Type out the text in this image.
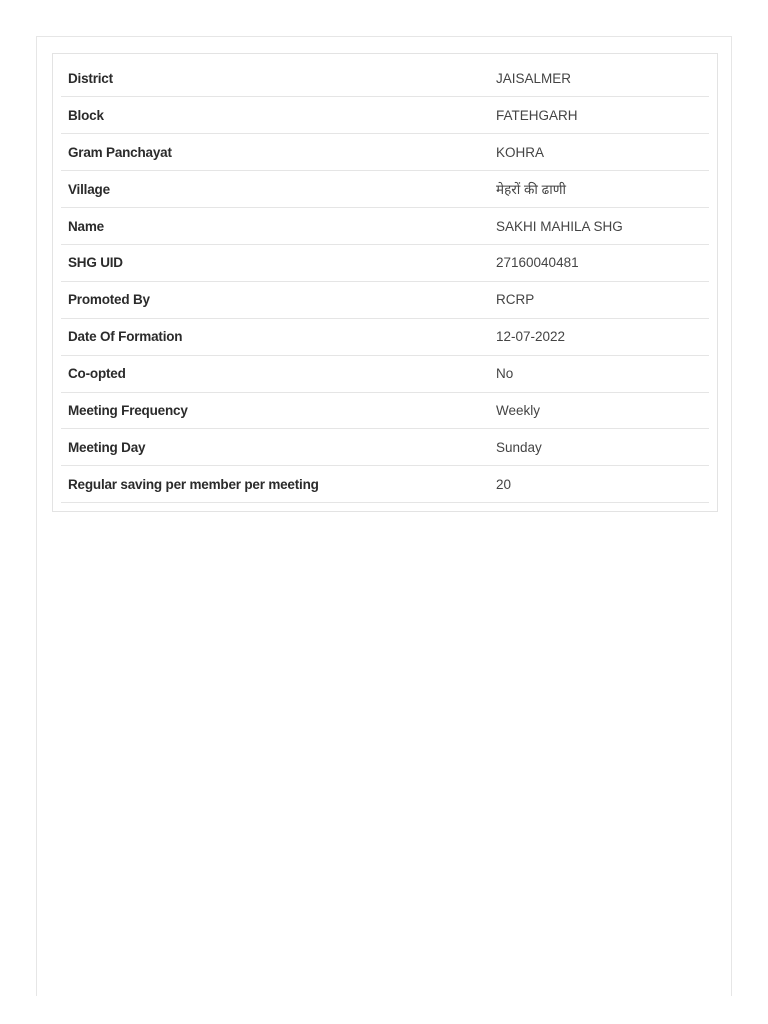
District	JAISALMER
Block	FATEHGARH
Gram Panchayat	KOHRA
Village	मेहरों की ढाणी
Name	SAKHI MAHILA SHG
SHG UID	27160040481
Promoted By	RCRP
Date Of Formation	12-07-2022
Co-opted	No
Meeting Frequency	Weekly
Meeting Day	Sunday
Regular saving per member per meeting	20
